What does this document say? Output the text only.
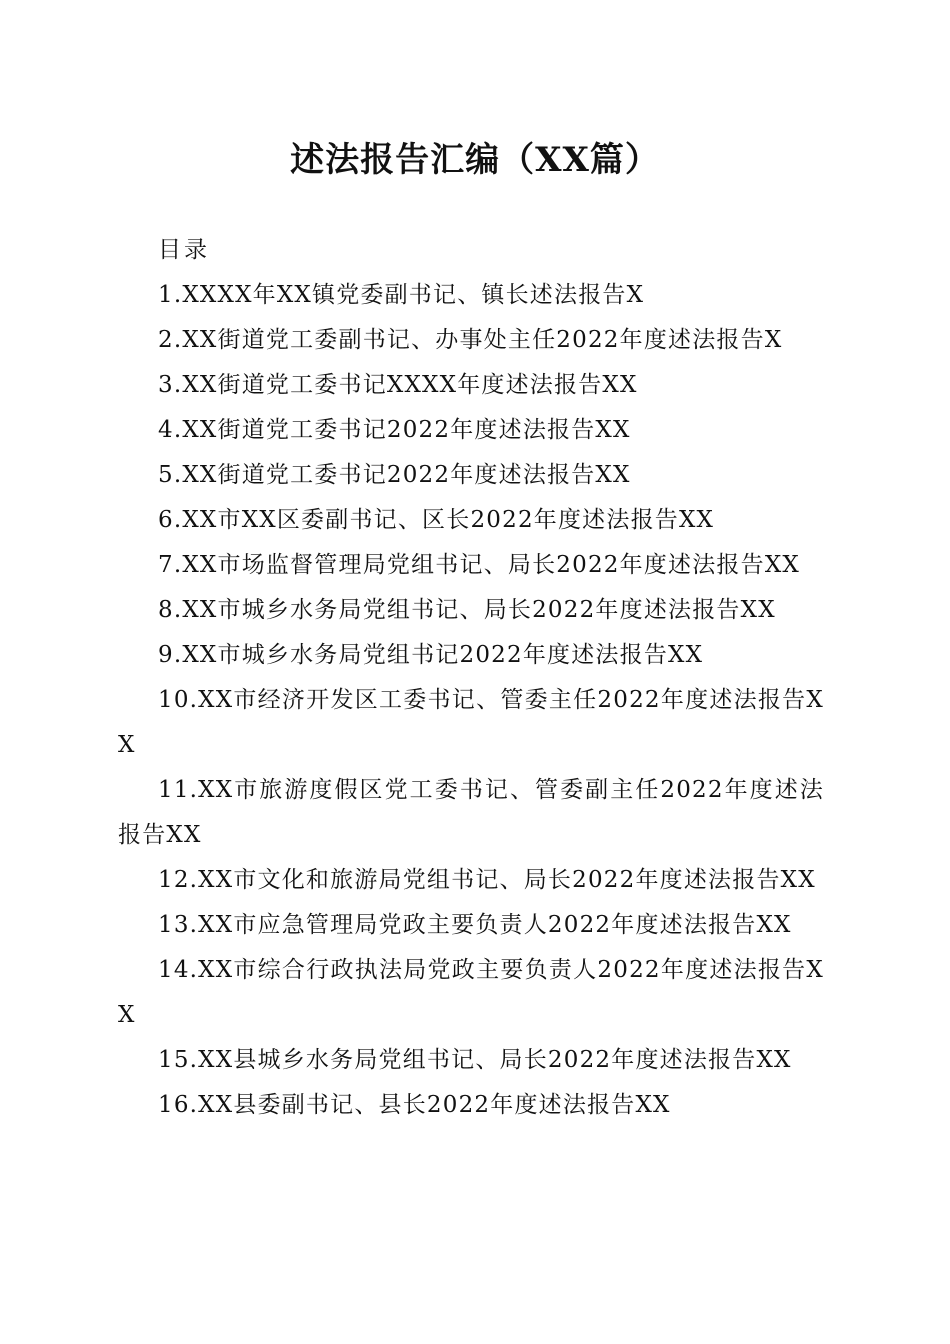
述法报告汇编（XX篇）
目录
1.XXXX年XX镇党委副书记、镇长述法报告X
2.XX街道党工委副书记、办事处主任2022年度述法报告X
3.XX街道党工委书记XXXX年度述法报告XX
4.XX街道党工委书记2022年度述法报告XX
5.XX街道党工委书记2022年度述法报告XX
6.XX市XX区委副书记、区长2022年度述法报告XX
7.XX市场监督管理局党组书记、局长2022年度述法报告XX
8.XX市城乡水务局党组书记、局长2022年度述法报告XX
9.XX市城乡水务局党组书记2022年度述法报告XX
10.XX市经济开发区工委书记、管委主任2022年度述法报告XX
11.XX市旅游度假区党工委书记、管委副主任2022年度述法报告XX
12.XX市文化和旅游局党组书记、局长2022年度述法报告XX
13.XX市应急管理局党政主要负责人2022年度述法报告XX
14.XX市综合行政执法局党政主要负责人2022年度述法报告XX
15.XX县城乡水务局党组书记、局长2022年度述法报告XX
16.XX县委副书记、县长2022年度述法报告XX
